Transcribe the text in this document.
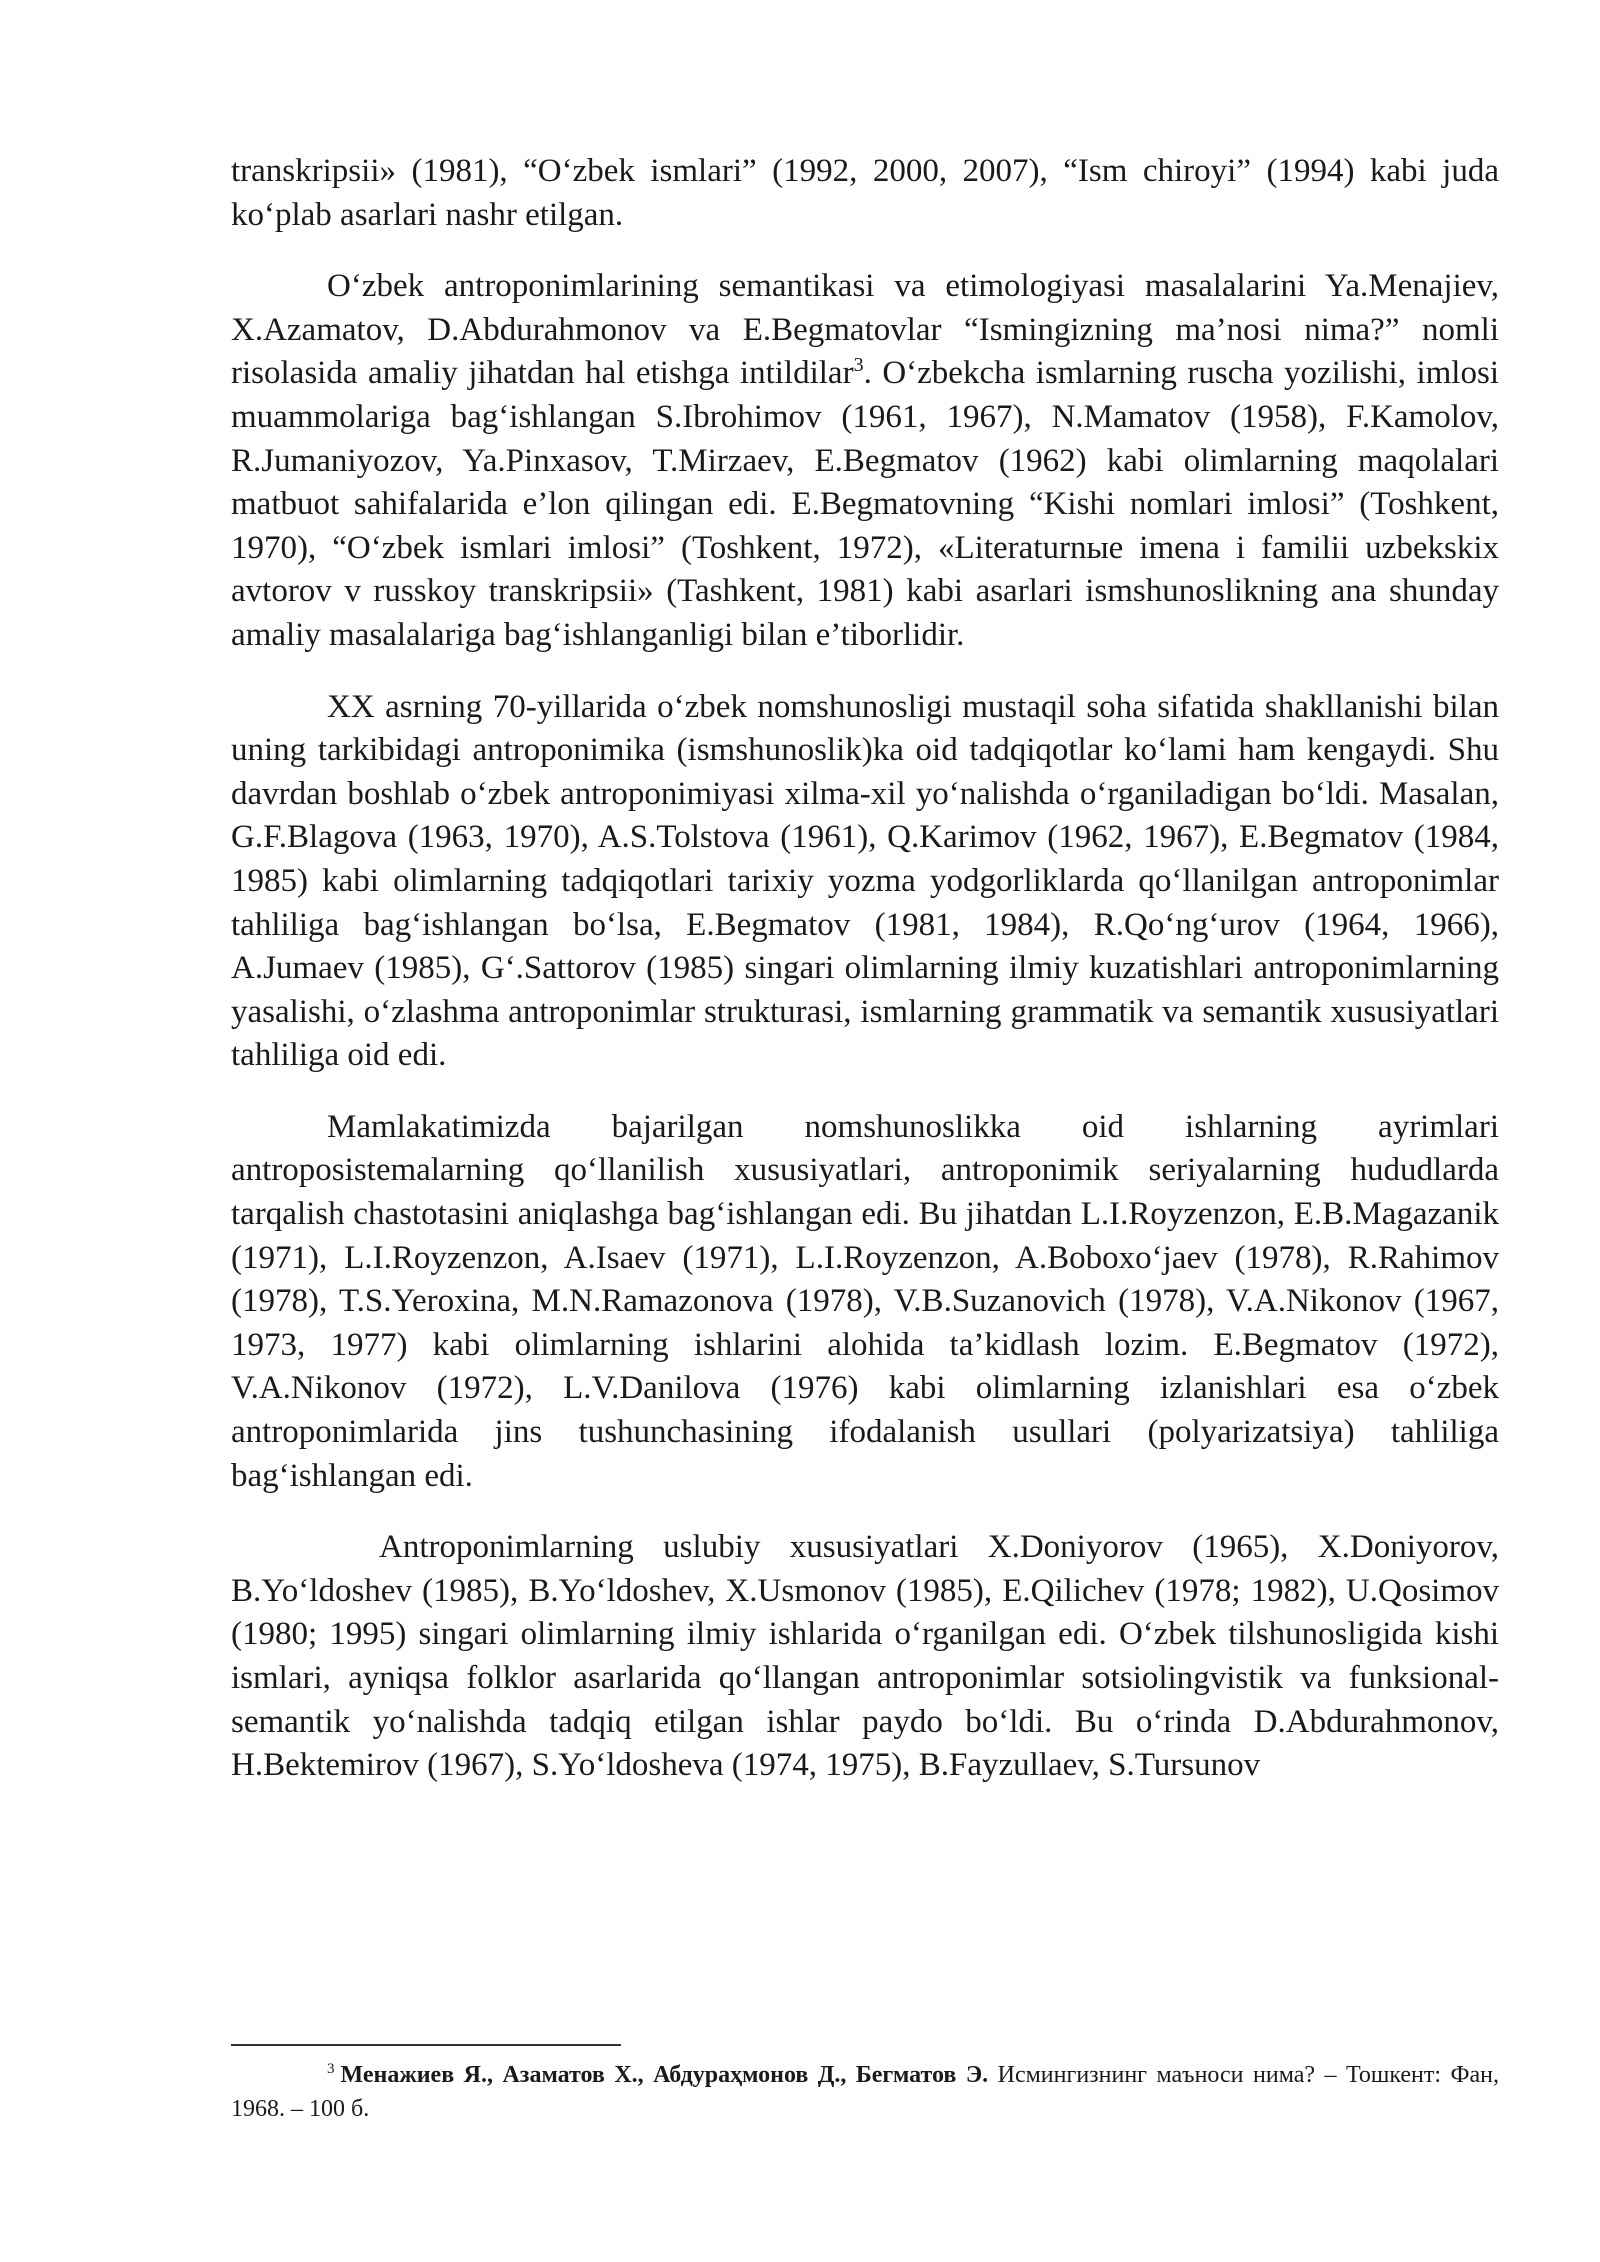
transkripsii» (1981), “O‘zbek ismlari” (1992, 2000, 2007), “Ism chiroyi” (1994) kabi juda ko‘plab asarlari nashr etilgan.

O‘zbek antroponimlarining semantikasi va etimologiyasi masalalarini Ya.Menajiev, X.Azamatov, D.Abdurahmonov va E.Begmatovlar “Ismingizning ma’nosi nima?” nomli risolasida amaliy jihatdan hal etishga intildilar$^3$. O‘zbekcha ismlarning ruscha yozilishi, imlosi muammolariga bag‘ishlangan S.Ibrohimov (1961, 1967), N.Mamatov (1958), F.Kamolov, R.Jumaniyozov, Ya.Pinxasov, T.Mirzaev, E.Begmatov (1962) kabi olimlarning maqolalari matbuot sahifalarida e’lon qilingan edi. E.Begmatovning “Kishi nomlari imlosi” (Toshkent, 1970), “O‘zbek ismlari imlosi” (Toshkent, 1972), «Literaturnыe imena i familii uzbekskix avtorov v russkoy transkripsii» (Tashkent, 1981) kabi asarlari ismshunoslikning ana shunday amaliy masalalariga bag‘ishlanganligi bilan e’tiborlidir.

XX asrning 70-yillarida o‘zbek nomshunosligi mustaqil soha sifatida shakllanishi bilan uning tarkibidagi antroponimika (ismshunoslik)ka oid tadqiqotlar ko‘lami ham kengaydi. Shu davrdan boshlab o‘zbek antroponimiyasi xilma-xil yo‘nalishda o‘rganiladigan bo‘ldi. Masalan, G.F.Blagova (1963, 1970), A.S.Tolstova (1961), Q.Karimov (1962, 1967), E.Begmatov (1984, 1985) kabi olimlarning tadqiqotlari tarixiy yozma yodgorliklarda qo‘llanilgan antroponimlar tahliliga bag‘ishlangan bo‘lsa, E.Begmatov (1981, 1984), R.Qo‘ng‘urov (1964, 1966), A.Jumaev (1985), G‘.Sattorov (1985) singari olimlarning ilmiy kuzatishlari antroponimlarning yasalishi, o‘zlashma antroponimlar strukturasi, ismlarning grammatik va semantik xususiyatlari tahliliga oid edi.

Mamlakatimizda bajarilgan nomshunoslikka oid ishlarning ayrimlari antroposistemalarning qo‘llanilish xususiyatlari, antroponimik seriyalarning hududlarda tarqalish chastotasini aniqlashga bag‘ishlangan edi. Bu jihatdan L.I.Royzenzon, E.B.Magazanik (1971), L.I.Royzenzon, A.Isaev (1971), L.I.Royzenzon, A.Boboxo‘jaev (1978), R.Rahimov (1978), T.S.Yeroxina, M.N.Ramazonova (1978), V.B.Suzanovich (1978), V.A.Nikonov (1967, 1973, 1977) kabi olimlarning ishlarini alohida ta’kidlash lozim. E.Begmatov (1972), V.A.Nikonov (1972), L.V.Danilova (1976) kabi olimlarning izlanishlari esa o‘zbek antroponimlarida jins tushunchasining ifodalanish usullari (polyarizatsiya) tahliliga bag‘ishlangan edi.

Antroponimlarning uslubiy xususiyatlari X.Doniyorov (1965), X.Doniyorov, B.Yo‘ldoshev (1985), B.Yo‘ldoshev, X.Usmonov (1985), E.Qilichev (1978; 1982), U.Qosimov (1980; 1995) singari olimlarning ilmiy ishlarida o‘rganilgan edi. O‘zbek tilshunosligida kishi ismlari, ayniqsa folklor asarlarida qo‘llangan antroponimlar sotsiolingvistik va funksional-semantik yo‘nalishda tadqiq etilgan ishlar paydo bo‘ldi. Bu o‘rinda D.Abdurahmonov, H.Bektemirov (1967), S.Yo‘ldosheva (1974, 1975), B.Fayzullaev, S.Tursunov

3 Менажиев Я., Азаматов Х., Абдураҳмонов Д., Бегматов Э. Исмингизнинг маъноси нима? – Тошкент: Фан, 1968. – 100 б.
